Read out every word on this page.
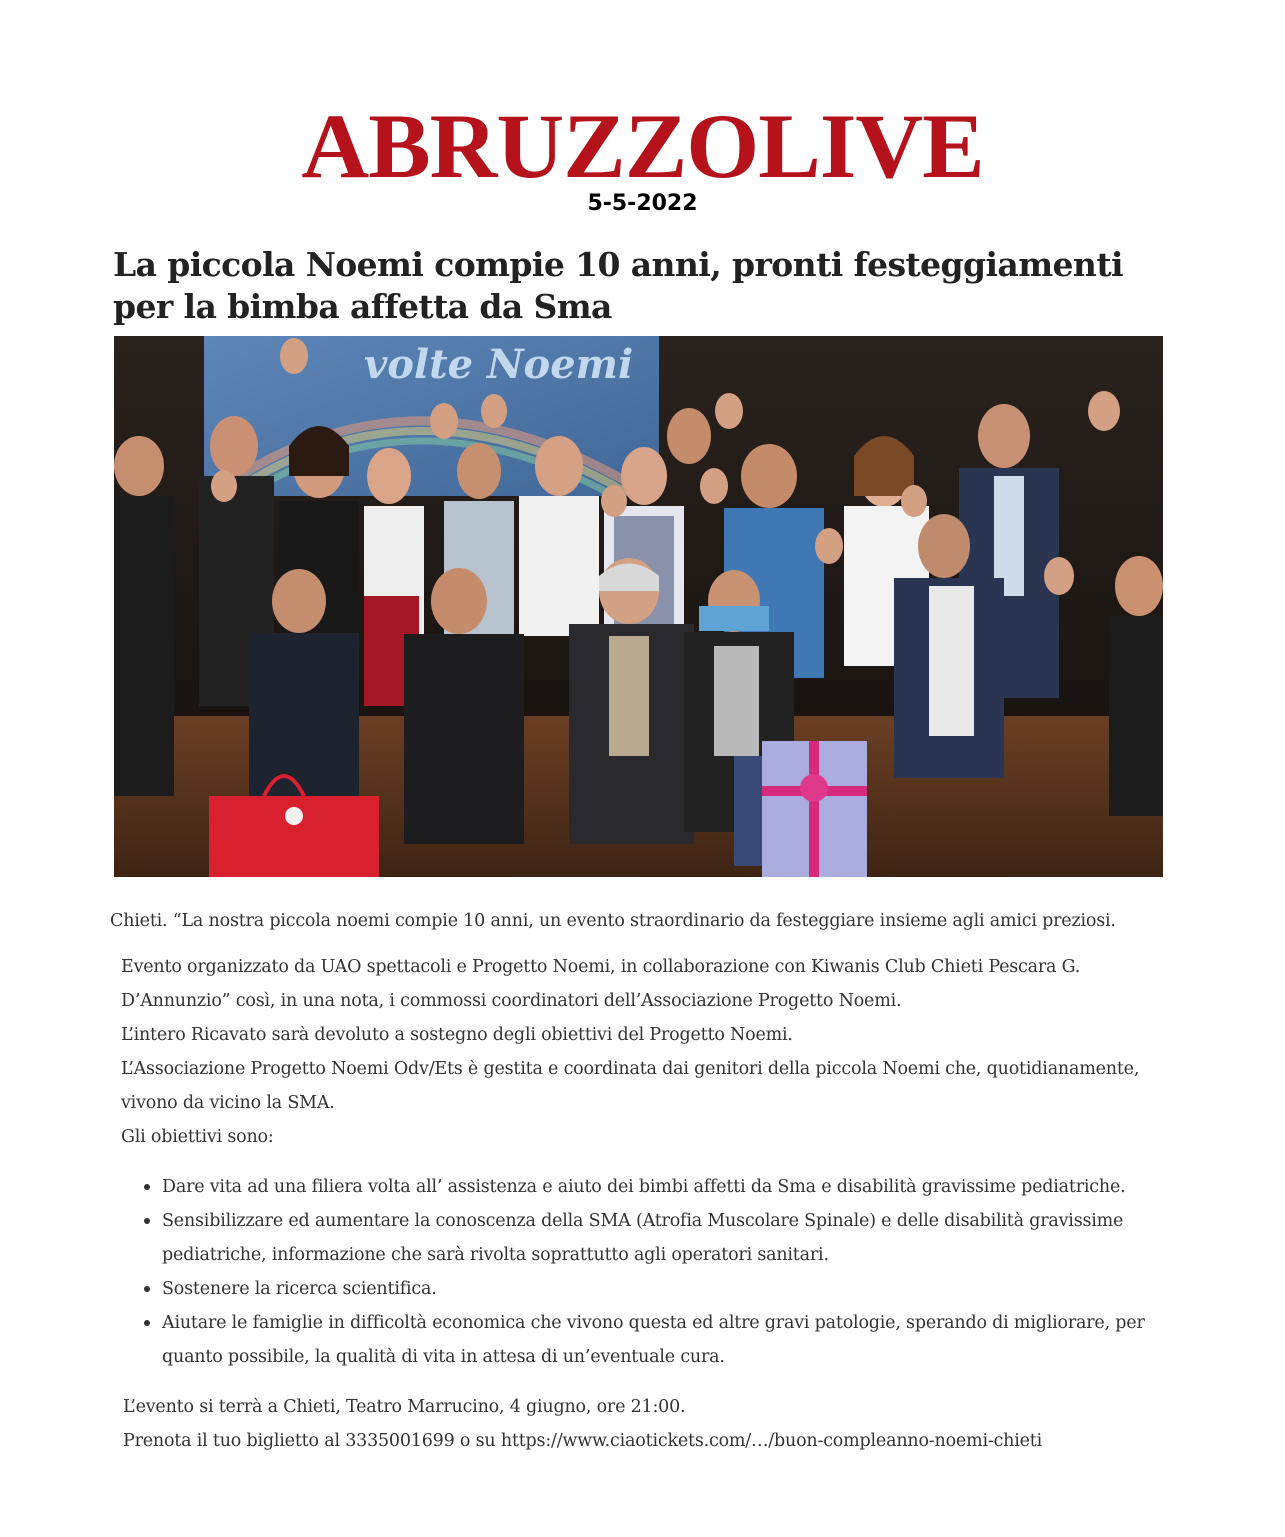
ABRUZZOLIVE
5-5-2022
La piccola Noemi compie 10 anni, pronti festeggiamenti per la bimba affetta da Sma
volte Noemi

Chieti. “La nostra piccola noemi compie 10 anni, un evento straordinario da festeggiare insieme agli amici preziosi.

Evento organizzato da UAO spettacoli e Progetto Noemi, in collaborazione con Kiwanis Club Chieti Pescara G. D’Annunzio” così, in una nota, i commossi coordinatori dell’Associazione Progetto Noemi.

L’intero Ricavato sarà devoluto a sostegno degli obiettivi del Progetto Noemi.

L’Associazione Progetto Noemi Odv/Ets è gestita e coordinata dai genitori della piccola Noemi che, quotidianamente, vivono da vicino la SMA.

Gli obiettivi sono:

Dare vita ad una filiera volta all’ assistenza e aiuto dei bimbi affetti da Sma e disabilità gravissime pediatriche.
Sensibilizzare ed aumentare la conoscenza della SMA (Atrofia Muscolare Spinale) e delle disabilità gravissime pediatriche, informazione che sarà rivolta soprattutto agli operatori sanitari.
Sostenere la ricerca scientifica.
Aiutare le famiglie in difficoltà economica che vivono questa ed altre gravi patologie, sperando di migliorare, per quanto possibile, la qualità di vita in attesa di un’eventuale cura.

L’evento si terrà a Chieti, Teatro Marrucino, 4 giugno, ore 21:00.

Prenota il tuo biglietto al 3335001699 o su https://www.ciaotickets.com/…/buon-compleanno-noemi-chieti
